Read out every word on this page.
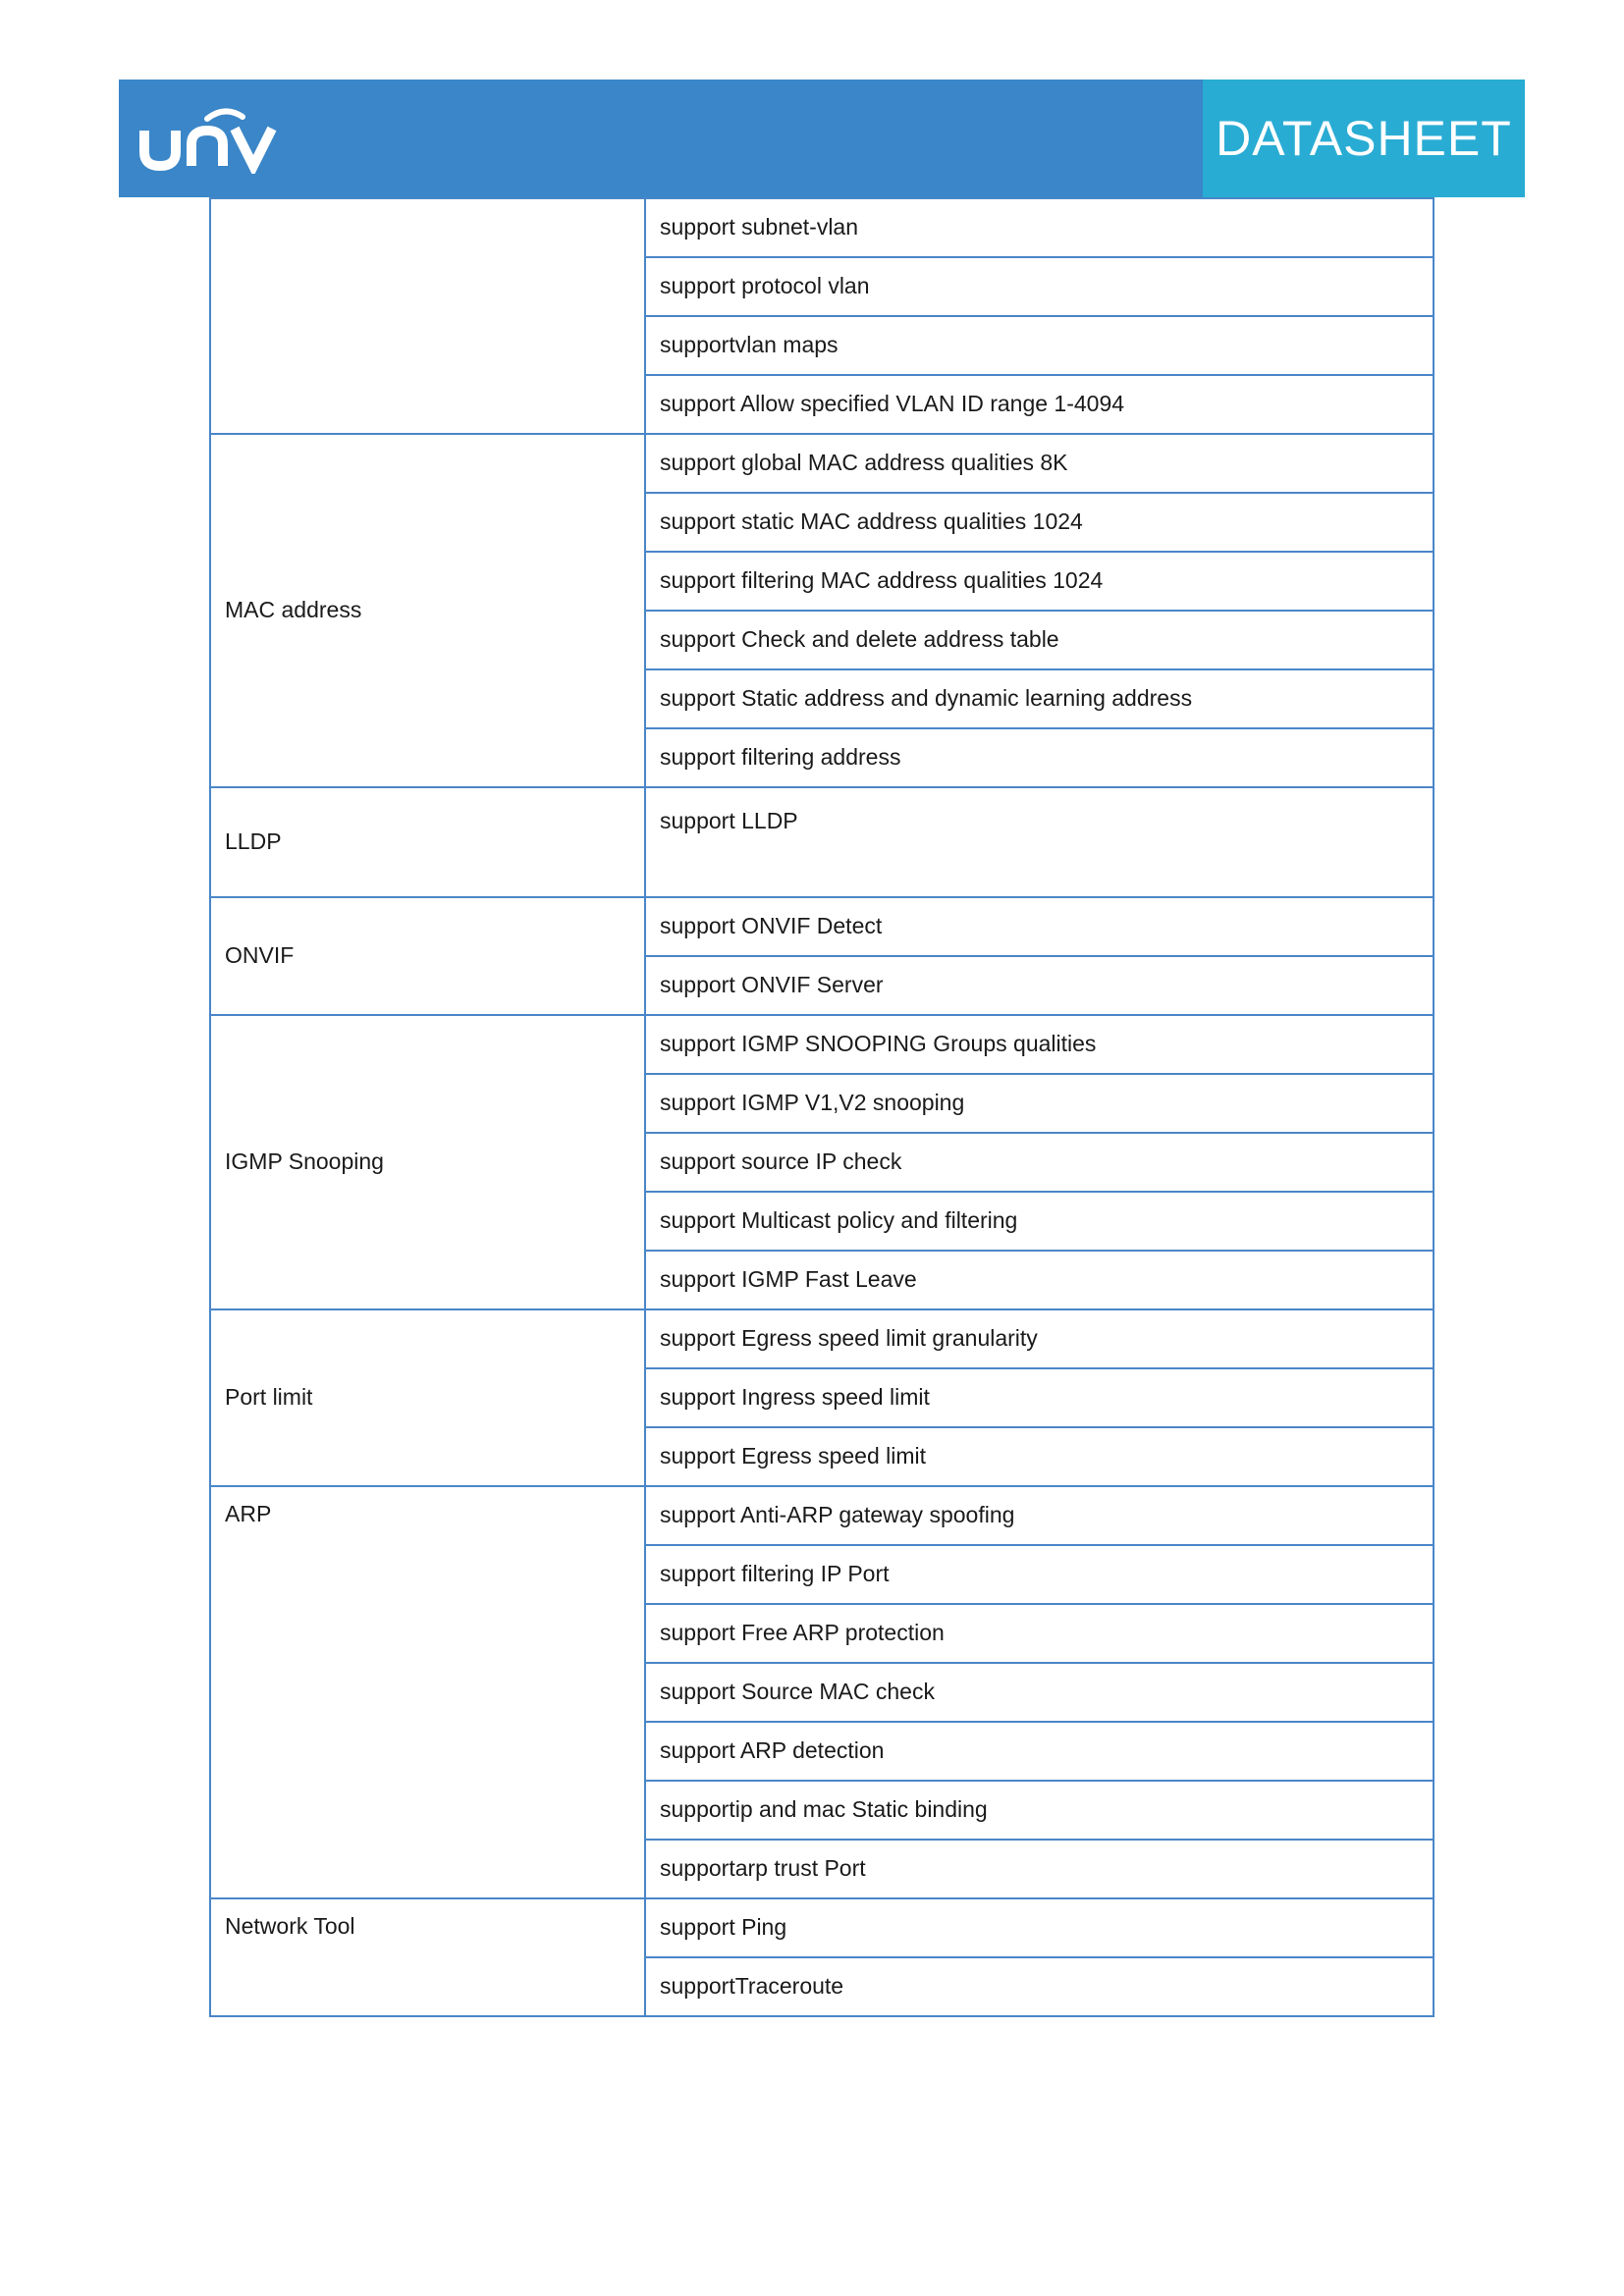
DATASHEET
	support subnet-vlan
	support protocol vlan
	supportvlan maps
	support Allow specified VLAN ID range 1-4094
MAC address	support global MAC address qualities 8K
	support static MAC address qualities 1024
	support filtering MAC address qualities 1024
	support Check and delete address table
	support Static address and dynamic learning address
	support filtering address
LLDP	support LLDP
ONVIF	support ONVIF Detect
	support ONVIF Server
IGMP Snooping	support IGMP SNOOPING Groups qualities
	support IGMP V1,V2 snooping
	support source IP check
	support Multicast policy and filtering
	support IGMP Fast Leave
Port limit	support Egress speed limit granularity
	support Ingress speed limit
	support Egress speed limit
ARP	support Anti-ARP gateway spoofing
	support filtering IP Port
	support Free ARP protection
	support Source MAC check
	support ARP detection
	supportip and mac Static binding
	supportarp trust Port
Network Tool	support Ping
	supportTraceroute
